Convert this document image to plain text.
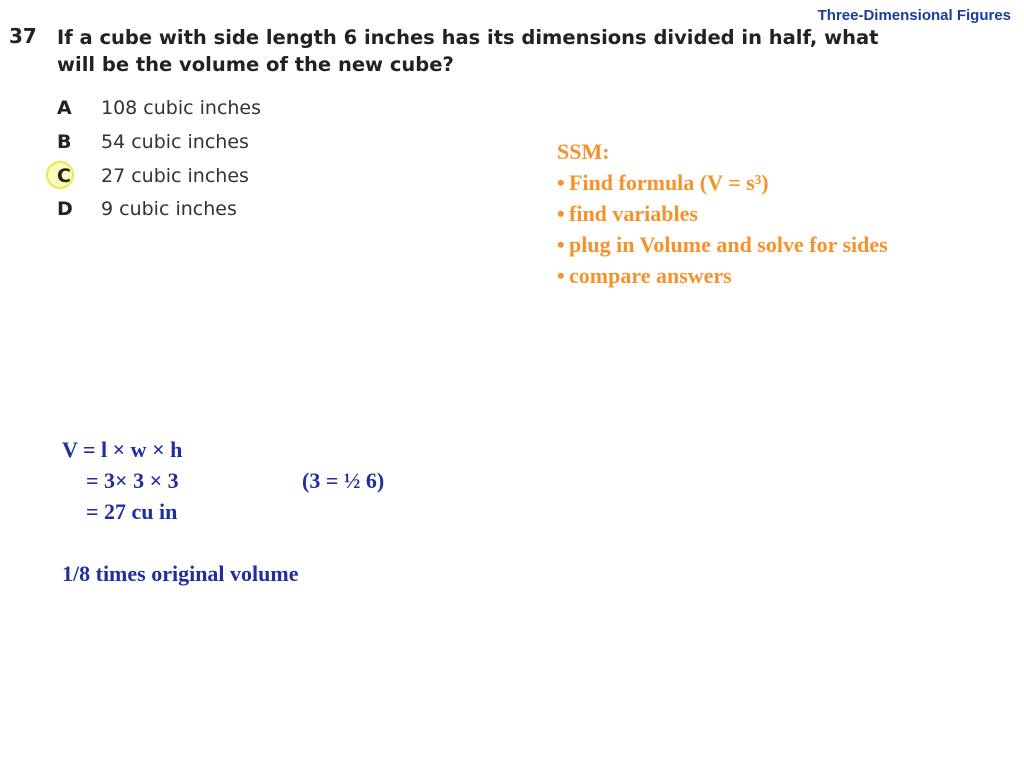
Three-Dimensional Figures
37 If a cube with side length 6 inches has its dimensions divided in half, what will be the volume of the new cube?
A	108 cubic inches
B	54 cubic inches
C	27 cubic inches
D	9 cubic inches
SSM:
• Find formula (V = s³)
• find variables
• plug in Volume and solve for sides
• compare answers
V = l × w × h
= 3× 3 × 3	(3 = ½ 6)
= 27 cu in
1/8 times original volume
